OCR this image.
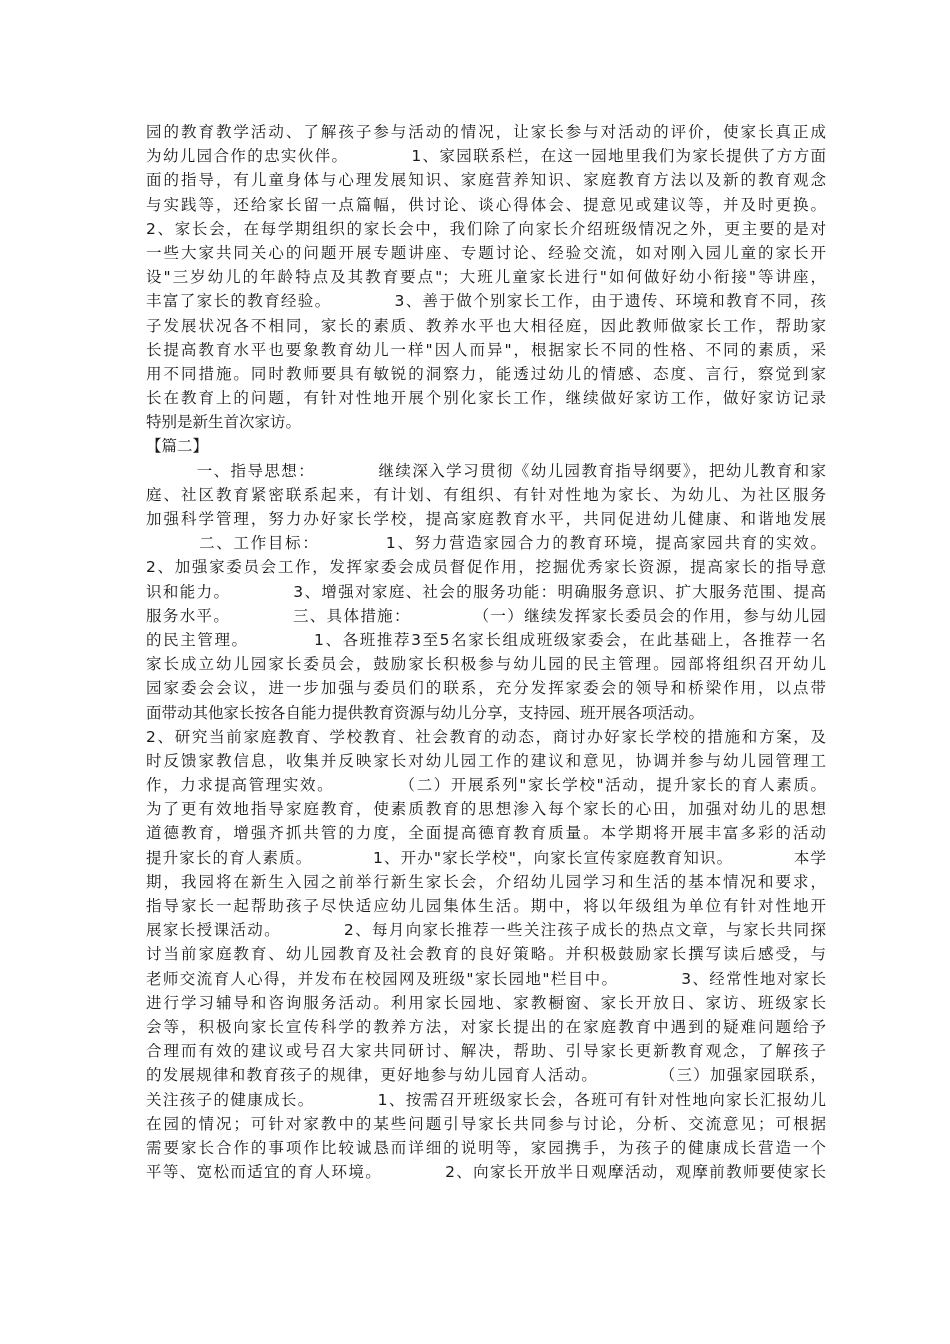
园的教育教学活动、了解孩子参与活动的情况，让家长参与对活动的评价，使家长真正成
为幼儿园合作的忠实伙伴。          1、家园联系栏，在这一园地里我们为家长提供了方方面
面的指导，有儿童身体与心理发展知识、家庭营养知识、家庭教育方法以及新的教育观念
与实践等，还给家长留一点篇幅，供讨论、谈心得体会、提意见或建议等，并及时更换。
2、家长会，在每学期组织的家长会中，我们除了向家长介绍班级情况之外，更主要的是对
一些大家共同关心的问题开展专题讲座、专题讨论、经验交流，如对刚入园儿童的家长开
设"三岁幼儿的年龄特点及其教育要点"；大班儿童家长进行"如何做好幼小衔接"等讲座，
丰富了家长的教育经验。          3、善于做个别家长工作，由于遗传、环境和教育不同，孩
子发展状况各不相同，家长的素质、教养水平也大相径庭，因此教师做家长工作，帮助家
长提高教育水平也要象教育幼儿一样"因人而异"，根据家长不同的性格、不同的素质，采
用不同措施。同时教师要具有敏锐的洞察力，能透过幼儿的情感、态度、言行，察觉到家
长在教育上的问题，有针对性地开展个别化家长工作，继续做好家访工作，做好家访记录
特别是新生首次家访。
【篇二】
一、指导思想：          继续深入学习贯彻《幼儿园教育指导纲要》，把幼儿教育和家
庭、社区教育紧密联系起来，有计划、有组织、有针对性地为家长、为幼儿、为社区服务
加强科学管理，努力办好家长学校，提高家庭教育水平，共同促进幼儿健康、和谐地发展
二、工作目标：          1、努力营造家园合力的教育环境，提高家园共育的实效。
2、加强家委员会工作，发挥家委会成员督促作用，挖掘优秀家长资源，提高家长的指导意
识和能力。          3、增强对家庭、社会的服务功能：明确服务意识、扩大服务范围、提高
服务水平。          三、具体措施：          （一）继续发挥家长委员会的作用，参与幼儿园
的民主管理。          1、各班推荐3至5名家长组成班级家委会，在此基础上，各推荐一名
家长成立幼儿园家长委员会，鼓励家长积极参与幼儿园的民主管理。园部将组织召开幼儿
园家委会会议，进一步加强与委员们的联系，充分发挥家委会的领导和桥梁作用，以点带
面带动其他家长按各自能力提供教育资源与幼儿分享，支持园、班开展各项活动。
2、研究当前家庭教育、学校教育、社会教育的动态，商讨办好家长学校的措施和方案，及
时反馈家教信息，收集并反映家长对幼儿园工作的建议和意见，协调并参与幼儿园管理工
作，力求提高管理实效。          （二）开展系列"家长学校"活动，提升家长的育人素质。
为了更有效地指导家庭教育，使素质教育的思想渗入每个家长的心田，加强对幼儿的思想
道德教育，增强齐抓共管的力度，全面提高德育教育质量。本学期将开展丰富多彩的活动
提升家长的育人素质。          1、开办"家长学校"，向家长宣传家庭教育知识。          本学
期，我园将在新生入园之前举行新生家长会，介绍幼儿园学习和生活的基本情况和要求，
指导家长一起帮助孩子尽快适应幼儿园集体生活。期中，将以年级组为单位有针对性地开
展家长授课活动。          2、每月向家长推荐一些关注孩子成长的热点文章，与家长共同探
讨当前家庭教育、幼儿园教育及社会教育的良好策略。并积极鼓励家长撰写读后感受，与
老师交流育人心得，并发布在校园网及班级"家长园地"栏目中。          3、经常性地对家长
进行学习辅导和咨询服务活动。利用家长园地、家教橱窗、家长开放日、家访、班级家长
会等，积极向家长宣传科学的教养方法，对家长提出的在家庭教育中遇到的疑难问题给予
合理而有效的建议或号召大家共同研讨、解决，帮助、引导家长更新教育观念，了解孩子
的发展规律和教育孩子的规律，更好地参与幼儿园育人活动。          （三）加强家园联系，
关注孩子的健康成长。          1、按需召开班级家长会，各班可有针对性地向家长汇报幼儿
在园的情况；可针对家教中的某些问题引导家长共同参与讨论，分析、交流意见；可根据
需要家长合作的事项作比较诚恳而详细的说明等，家园携手，为孩子的健康成长营造一个
平等、宽松而适宜的育人环境。          2、向家长开放半日观摩活动，观摩前教师要使家长
